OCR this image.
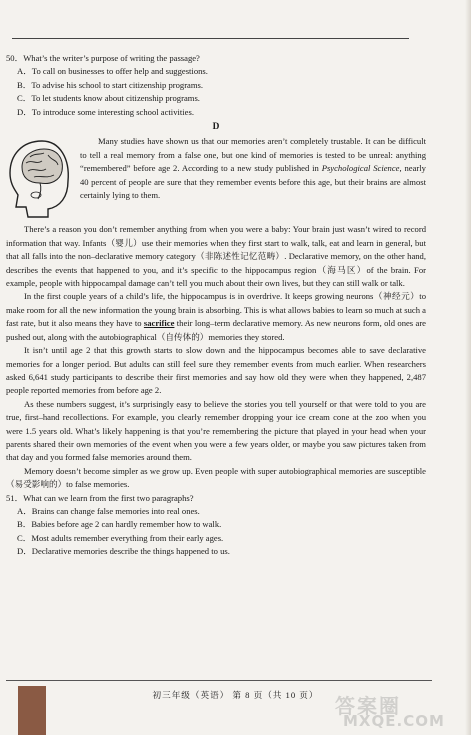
50．What’s the writer’s purpose of writing the passage?

A．To call on businesses to offer help and suggestions.

B．To advise his school to start citizenship programs.

C．To let students know about citizenship programs.

D．To introduce some interesting school activities.

D

Many studies have shown us that our memories aren’t completely trustable. It can be difficult to tell a real memory from a false one, but one kind of memories is tested to be unreal: anything “remembered” before age 2. According to a new study published in Psychological Science, nearly 40 percent of people are sure that they remember events before this age, but their brains are almost certainly lying to them.

There’s a reason you don’t remember anything from when you were a baby: Your brain just wasn’t wired to record information that way. Infants（婴儿）use their memories when they first start to walk, talk, eat and learn in general, but that all falls into the non–declarative memory category（非陈述性记忆范畴）. Declarative memory, on the other hand, describes the events that happened to you, and it’s specific to the hippocampus region（海马区）of the brain. For example, people with hippocampal damage can’t tell you much about their own lives, but they can still walk or talk.

In the first couple years of a child’s life, the hippocampus is in overdrive. It keeps growing neurons（神经元）to make room for all the new information the young brain is absorbing. This is what allows babies to learn so much at such a fast rate, but it also means they have to sacrifice their long–term declarative memory. As new neurons form, old ones are pushed out, along with the autobiographical（自传体的）memories they stored.

It isn’t until age 2 that this growth starts to slow down and the hippocampus becomes able to save declarative memories for a longer period. But adults can still feel sure they remember events from much earlier. When researchers asked 6,641 study participants to describe their first memories and say how old they were when they happened, 2,487 people reported memories from before age 2.

As these numbers suggest, it’s surprisingly easy to believe the stories you tell yourself or that were told to you are true, first–hand recollections. For example, you clearly remember dropping your ice cream cone at the zoo when you were 1.5 years old. What’s likely happening is that you’re remembering the picture that played in your head when your parents shared their own memories of the event when you were a few years older, or maybe you saw pictures taken from that day and you formed false memories around them.

Memory doesn’t become simpler as we grow up. Even people with super autobiographical memories are susceptible（易受影响的）to false memories.

51．What can we learn from the first two paragraphs?

A．Brains can change false memories into real ones.

B．Babies before age 2 can hardly remember how to walk.

C．Most adults remember everything from their early ages.

D．Declarative memories describe the things happened to us.

初三年级（英语） 第 8 页（共 10 页） 答案圈
MXQE.COM
